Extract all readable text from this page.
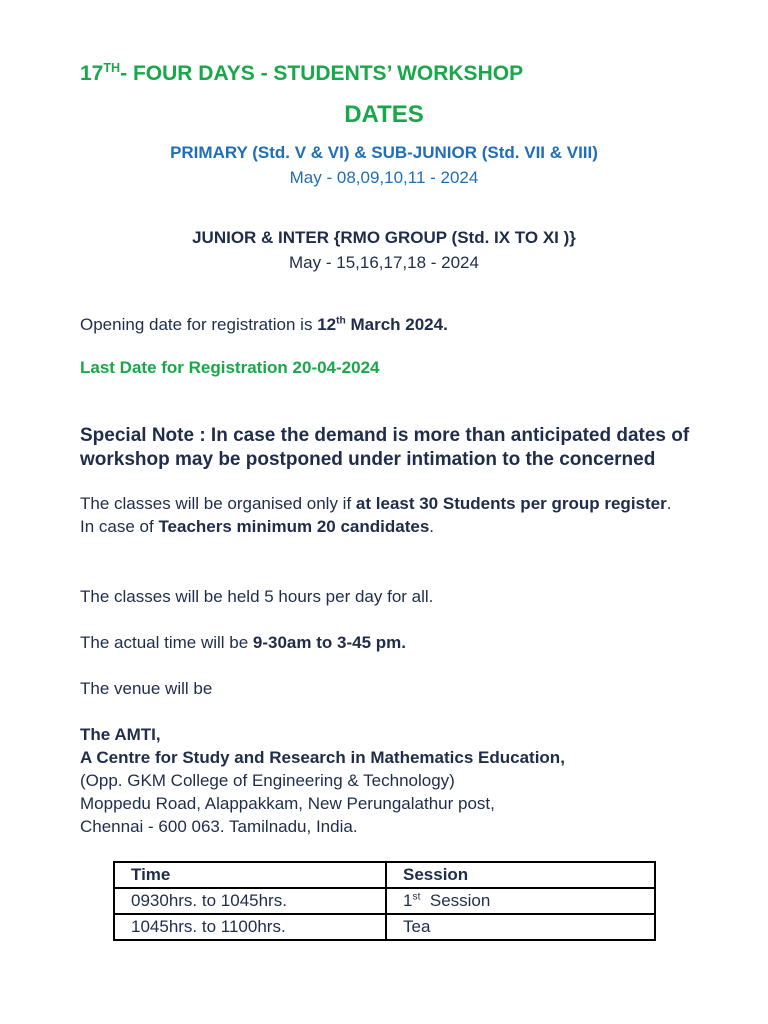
17TH- FOUR DAYS - STUDENTS’ WORKSHOP
DATES
PRIMARY (Std. V & VI) & SUB-JUNIOR (Std. VII & VIII)
May - 08,09,10,11 - 2024
JUNIOR & INTER {RMO GROUP (Std. IX TO XI )}
May - 15,16,17,18 - 2024
Opening date for registration is 12th March 2024.
Last Date for Registration 20-04-2024
Special Note : In case the demand is more than anticipated dates of workshop may be postponed under intimation to the concerned
The classes will be organised only if at least 30 Students per group register.
In case of Teachers minimum 20 candidates.
The classes will be held 5 hours per day for all.
The actual time will be 9-30am to 3-45 pm.
The venue will be
The AMTI,
A Centre for Study and Research in Mathematics Education,
(Opp. GKM College of Engineering & Technology)
Moppedu Road, Alappakkam, New Perungalathur post,
Chennai - 600 063. Tamilnadu, India.
Time	Session
0930hrs. to 1045hrs.	1st  Session
1045hrs. to 1100hrs.	Tea
